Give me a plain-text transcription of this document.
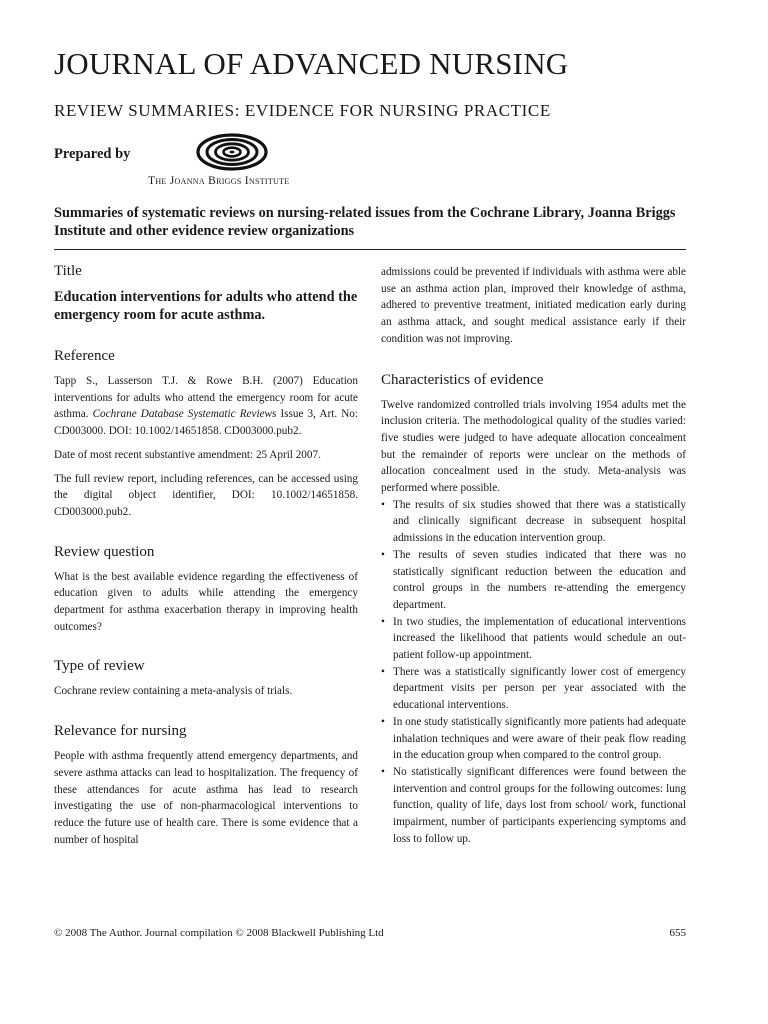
JOURNAL OF ADVANCED NURSING
REVIEW SUMMARIES: EVIDENCE FOR NURSING PRACTICE
Prepared by
The Joanna Briggs Institute
Summaries of systematic reviews on nursing-related issues from the Cochrane Library, Joanna Briggs Institute and other evidence review organizations
Title

Education interventions for adults who attend the emergency room for acute asthma.

Reference

Tapp S., Lasserson T.J. & Rowe B.H. (2007) Education interventions for adults who attend the emergency room for acute asthma. Cochrane Database Systematic Reviews Issue 3, Art. No: CD003000. DOI: 10.1002/14651858. CD003000.pub2.

Date of most recent substantive amendment: 25 April 2007.

The full review report, including references, can be accessed using the digital object identifier, DOI: 10.1002/14651858. CD003000.pub2.

Review question

What is the best available evidence regarding the effectiveness of education given to adults while attending the emergency department for asthma exacerbation therapy in improving health outcomes?

Type of review

Cochrane review containing a meta-analysis of trials.

Relevance for nursing

People with asthma frequently attend emergency departments, and severe asthma attacks can lead to hospitalization. The frequency of these attendances for acute asthma has lead to research investigating the use of non-pharmacological interventions to reduce the future use of health care. There is some evidence that a number of hospital

admissions could be prevented if individuals with asthma were able use an asthma action plan, improved their knowledge of asthma, adhered to preventive treatment, initiated medication early during an asthma attack, and sought medical assistance early if their condition was not improving.

Characteristics of evidence

Twelve randomized controlled trials involving 1954 adults met the inclusion criteria. The methodological quality of the studies varied: five studies were judged to have adequate allocation concealment but the remainder of reports were unclear on the methods of allocation concealment used in the study. Meta-analysis was performed where possible.

• The results of six studies showed that there was a statistically and clinically significant decrease in subsequent hospital admissions in the education intervention group.
• The results of seven studies indicated that there was no statistically significant reduction between the education and control groups in the numbers re-attending the emergency department.
• In two studies, the implementation of educational interventions increased the likelihood that patients would schedule an out-patient follow-up appointment.
• There was a statistically significantly lower cost of emergency department visits per person per year associated with the educational interventions.
• In one study statistically significantly more patients had adequate inhalation techniques and were aware of their peak flow reading in the education group when compared to the control group.
• No statistically significant differences were found between the intervention and control groups for the following outcomes: lung function, quality of life, days lost from school/ work, functional impairment, number of participants experiencing symptoms and loss to follow up.
© 2008 The Author. Journal compilation © 2008 Blackwell Publishing Ltd	655
